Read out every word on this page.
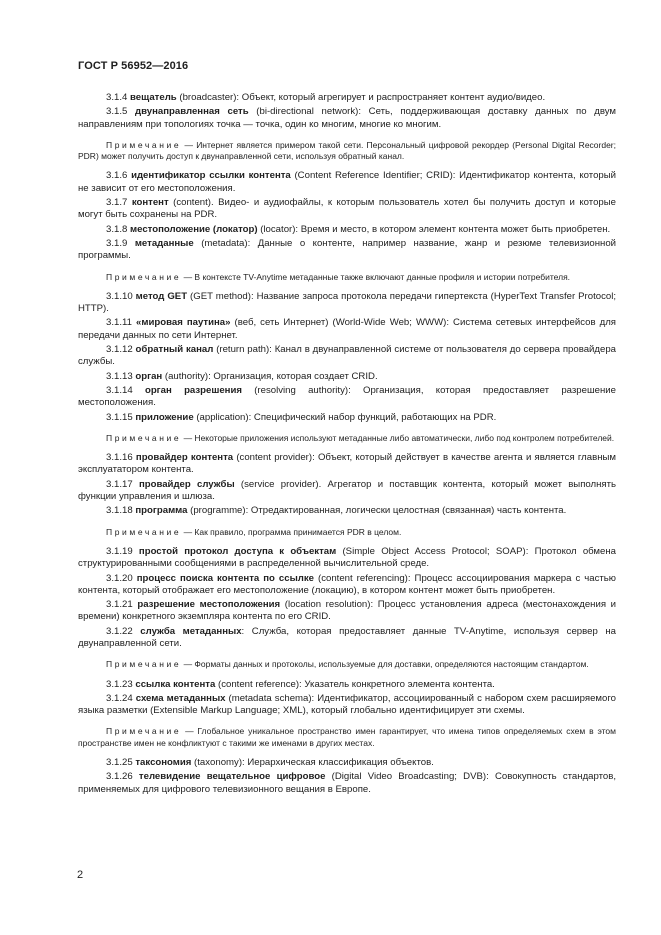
ГОСТ Р 56952—2016

3.1.4 вещатель (broadcaster): Объект, который агрегирует и распространяет контент аудио/видео.

3.1.5 двунаправленная сеть (bi-directional network): Сеть, поддерживающая доставку данных по двум направлениям при топологиях точка — точка, один ко многим, многие ко многим.

Примечание — Интернет является примером такой сети. Персональный цифровой рекордер (Personal Digital Recorder; PDR) может получить доступ к двунаправленной сети, используя обратный канал.

3.1.6 идентификатор ссылки контента (Content Reference Identifier; CRID): Идентификатор контента, который не зависит от его местоположения.

3.1.7 контент (content). Видео- и аудиофайлы, к которым пользователь хотел бы получить доступ и которые могут быть сохранены на PDR.

3.1.8 местоположение (локатор) (locator): Время и место, в котором элемент контента может быть приобретен.

3.1.9 метаданные (metadata): Данные о контенте, например название, жанр и резюме телевизионной программы.

Примечание — В контексте TV-Anytime метаданные также включают данные профиля и истории потребителя.

3.1.10 метод GET (GET method): Название запроса протокола передачи гипертекста (HyperText Transfer Protocol; HTTP).

3.1.11 «мировая паутина» (веб, сеть Интернет) (World-Wide Web; WWW): Система сетевых интерфейсов для передачи данных по сети Интернет.

3.1.12 обратный канал (return path): Канал в двунаправленной системе от пользователя до сервера провайдера службы.

3.1.13 орган (authority): Организация, которая создает CRID.

3.1.14 орган разрешения (resolving authority): Организация, которая предоставляет разрешение местоположения.

3.1.15 приложение (application): Специфический набор функций, работающих на PDR.

Примечание — Некоторые приложения используют метаданные либо автоматически, либо под контролем потребителей.

3.1.16 провайдер контента (content provider): Объект, который действует в качестве агента и является главным эксплуататором контента.

3.1.17 провайдер службы (service provider). Агрегатор и поставщик контента, который может выполнять функции управления и шлюза.

3.1.18 программа (programme): Отредактированная, логически целостная (связанная) часть контента.

Примечание — Как правило, программа принимается PDR в целом.

3.1.19 простой протокол доступа к объектам (Simple Object Access Protocol; SOAP): Протокол обмена структурированными сообщениями в распределенной вычислительной среде.

3.1.20 процесс поиска контента по ссылке (content referencing): Процесс ассоциирования маркера с частью контента, который отображает его местоположение (локацию), в котором контент может быть приобретен.

3.1.21 разрешение местоположения (location resolution): Процесс установления адреса (местонахождения и времени) конкретного экземпляра контента по его CRID.

3.1.22 служба метаданных: Служба, которая предоставляет данные TV-Anytime, используя сервер на двунаправленной сети.

Примечание — Форматы данных и протоколы, используемые для доставки, определяются настоящим стандартом.

3.1.23 ссылка контента (content reference): Указатель конкретного элемента контента.

3.1.24 схема метаданных (metadata schema): Идентификатор, ассоциированный с набором схем расширяемого языка разметки (Extensible Markup Language; XML), который глобально идентифицирует эти схемы.

Примечание — Глобальное уникальное пространство имен гарантирует, что имена типов определяемых схем в этом пространстве имен не конфликтуют с такими же именами в других местах.

3.1.25 таксономия (taxonomy): Иерархическая классификация объектов.

3.1.26 телевидение вещательное цифровое (Digital Video Broadcasting; DVB): Совокупность стандартов, применяемых для цифрового телевизионного вещания в Европе.

2
